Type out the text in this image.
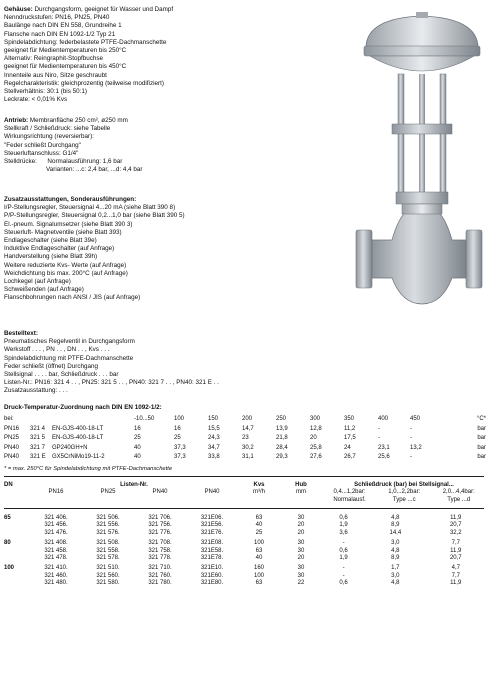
Gehäuse: Durchgangsform, geeignet für Wasser und Dampf
Nenndruckstufen: PN16, PN25, PN40
Baulänge nach DIN EN 558, Grundreihe 1
Flansche nach DIN EN 1092-1/2 Typ 21
Spindelabdichtung: federbelastete PTFE-Dachmanschette
geeignet für Medientemperaturen bis 250°C
Alternativ: Reingraphit-Stopfbuchse
geeignet für Medientemperaturen bis 450°C
Innenteile aus Niro, Sitze geschraubt
Regelcharakteristik: gleichprozentig (teilweise modifiziert)
Stellverhältnis: 30:1 (bis 50:1)
Leckrate: < 0,01% Kvs
Antrieb: Membranfläche 250 cm², ø250 mm
Stellkraft / Schließdruck: siehe Tabelle
Wirkungsrichtung (reversierbar):
"Feder schließt Durchgang"
Steuerluftanschluss: G1/4"
Stelldrücke:      Normalausführung: 1,6 bar
Varianten: ...c: 2,4 bar, ...d: 4,4 bar
Zusatzausstattungen, Sonderausführungen:
I/P-Stellungsregler, Steuersignal 4...20 mA (siehe Blatt 390 8)
P/P-Stellungsregler, Steuersignal 0,2...1,0 bar (siehe Blatt 390 5)
El.-pneum. Signalumsetzer (siehe Blatt 390 3)
Steuerluft- Magnetventile (siehe Blatt 393)
Endlageschalter (siehe Blatt 39e)
Induktive Endlageschalter (auf Anfrage)
Handverstellung (siehe Blatt 39h)
Weitere reduzierte Kvs- Werte (auf Anfrage)
Weichdichtung bis max. 200°C (auf Anfrage)
Lochkegel (auf Anfrage)
Schweißenden (auf Anfrage)
Flanschbohrungen nach ANSI / JIS (auf Anfrage)
Bestelltext:
Pneumatisches Regelventil in Durchgangsform
Werkstoff . . . , PN . . , DN . . , Kvs . . .
Spindelabdichtung mit PTFE-Dachmanschette
Feder schließt (öffnet) Durchgang
Stellsignal . . . . bar, Schließdruck . . . bar
Listen-Nr.: PN16: 321 4 . . , PN25: 321 5 . . , PN40: 321 7 . . , PN40: 321 E . .
Zusatzausstattung: . . .
Druck-Temperatur-Zuordnung nach DIN EN 1092-1/2:
bei:			-10...50	100	150	200	250	300	350	400	450	°C*
PN16	321 4	EN-GJS-400-18-LT	16	16	15,5	14,7	13,9	12,8	11,2	-	-	bar
PN25	321 5	EN-GJS-400-18-LT	25	25	24,3	23	21,8	20	17,5	-	-	bar
PN40	321 7	GP240GH+N	40	37,3	34,7	30,2	28,4	25,8	24	23,1	13,2	bar
PN40	321 E	GX5CrNiMo19-11-2	40	37,3	33,8	31,1	29,3	27,6	26,7	25,6	-	bar
* = max. 250°C für Spindelabdichtung mit PTFE-Dachmanschette
DN	Listen-Nr.				Kvs	Hub	Schließdruck (bar) bei Stellsignal...		
	PN16	PN25	PN40	PN40	m³/h	mm	0,4...1,2bar:	1,0...2,2bar:	2,0...4,4bar:
							Normalausf.	Type ...c	Type ...d
65	321 406.	321 506.	321 706.	321E06.	63	30	0,6	4,8	11,9
	321 456.	321 556.	321 756.	321E56.	40	20	1,9	8,9	20,7
	321 476.	321 576.	321 776.	321E76.	25	20	3,6	14,4	32,2
80	321 408.	321 508.	321 708.	321E08.	100	30	-	3,0	7,7
	321 458.	321 558.	321 758.	321E58.	63	30	0,6	4,8	11,9
	321 478.	321 578.	321 778.	321E78.	40	20	1,9	8,9	20,7
100	321 410.	321 510.	321 710.	321E10.	160	30	-	1,7	4,7
	321 460.	321 560.	321 760.	321E60.	100	30	-	3,0	7,7
	321 480.	321 580.	321 780.	321E80.	63	22	0,6	4,8	11,9
